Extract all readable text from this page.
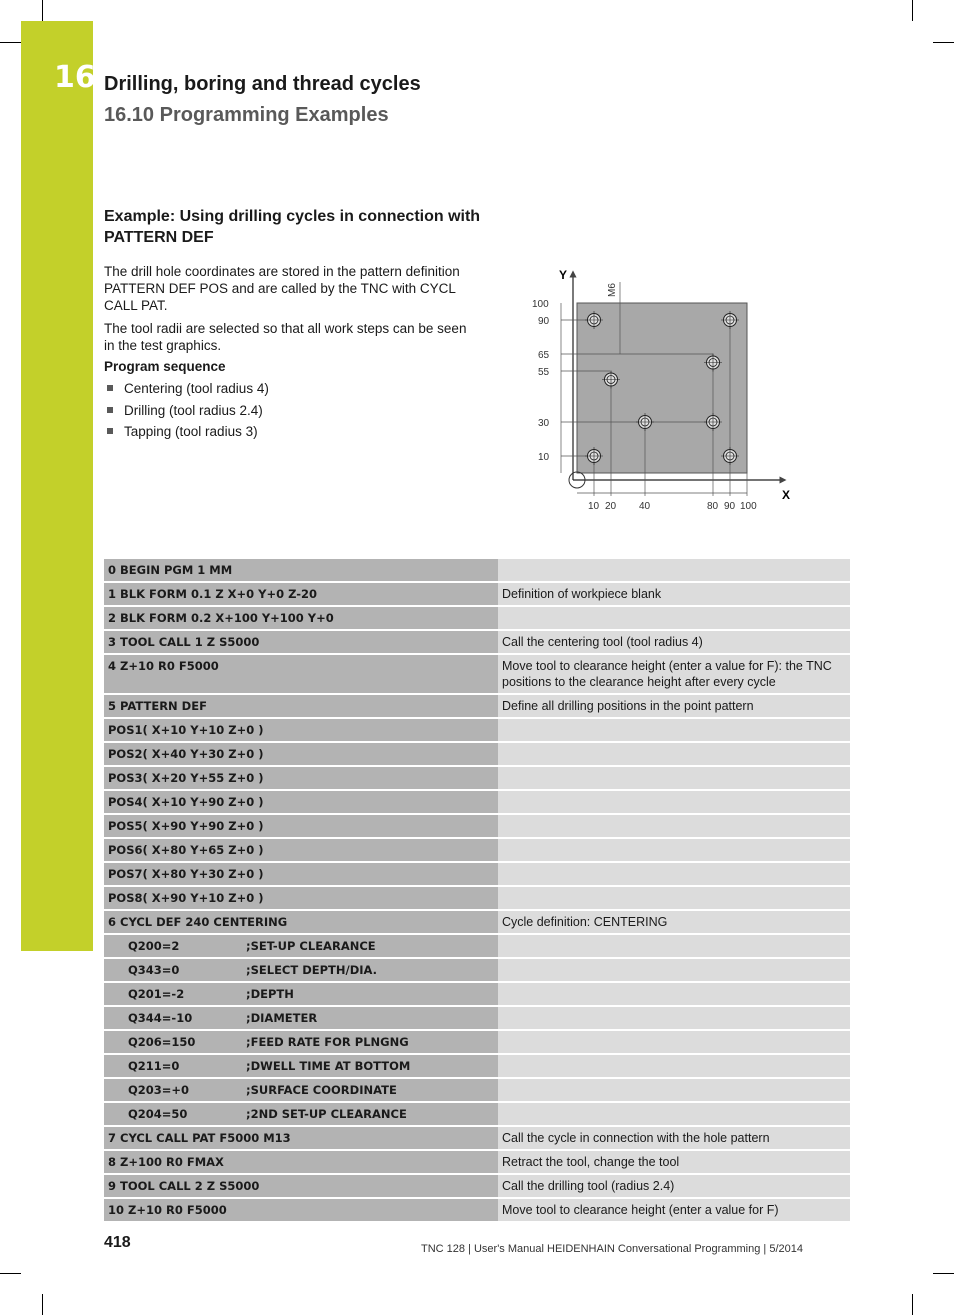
16 Drilling, boring and thread cycles
16.10 Programming Examples
Example: Using drilling cycles in connection with PATTERN DEF
The drill hole coordinates are stored in the pattern definition PATTERN DEF POS and are called by the TNC with CYCL CALL PAT.
The tool radii are selected so that all work steps can be seen in the test graphics.
Program sequence
Centering (tool radius 4)
Drilling (tool radius 2.4)
Tapping (tool radius 3)
Y
X
100
90
65
55
30
10
10 20 40	80 90 100
M6
0 BEGIN PGM 1 MM	
1 BLK FORM 0.1 Z X+0 Y+0 Z-20	Definition of workpiece blank
2 BLK FORM 0.2 X+100 Y+100 Y+0	
3 TOOL CALL 1 Z S5000	Call the centering tool (tool radius 4)
4 Z+10 R0 F5000	Move tool to clearance height (enter a value for F): the TNC positions to the clearance height after every cycle
5 PATTERN DEF	Define all drilling positions in the point pattern
POS1( X+10 Y+10 Z+0 )	
POS2( X+40 Y+30 Z+0 )	
POS3( X+20 Y+55 Z+0 )	
POS4( X+10 Y+90 Z+0 )	
POS5( X+90 Y+90 Z+0 )	
POS6( X+80 Y+65 Z+0 )	
POS7( X+80 Y+30 Z+0 )	
POS8( X+90 Y+10 Z+0 )	
6 CYCL DEF 240 CENTERING	Cycle definition: CENTERING
Q200=2 ;SET-UP CLEARANCE	
Q343=0 ;SELECT DEPTH/DIA.	
Q201=-2 ;DEPTH	
Q344=-10 ;DIAMETER	
Q206=150 ;FEED RATE FOR PLNGNG	
Q211=0 ;DWELL TIME AT BOTTOM	
Q203=+0 ;SURFACE COORDINATE	
Q204=50 ;2ND SET-UP CLEARANCE	
7 CYCL CALL PAT F5000 M13	Call the cycle in connection with the hole pattern
8 Z+100 R0 FMAX	Retract the tool, change the tool
9 TOOL CALL 2 Z S5000	Call the drilling tool (radius 2.4)
10 Z+10 R0 F5000	Move tool to clearance height (enter a value for F)
418	TNC 128 | User's Manual HEIDENHAIN Conversational Programming | 5/2014
